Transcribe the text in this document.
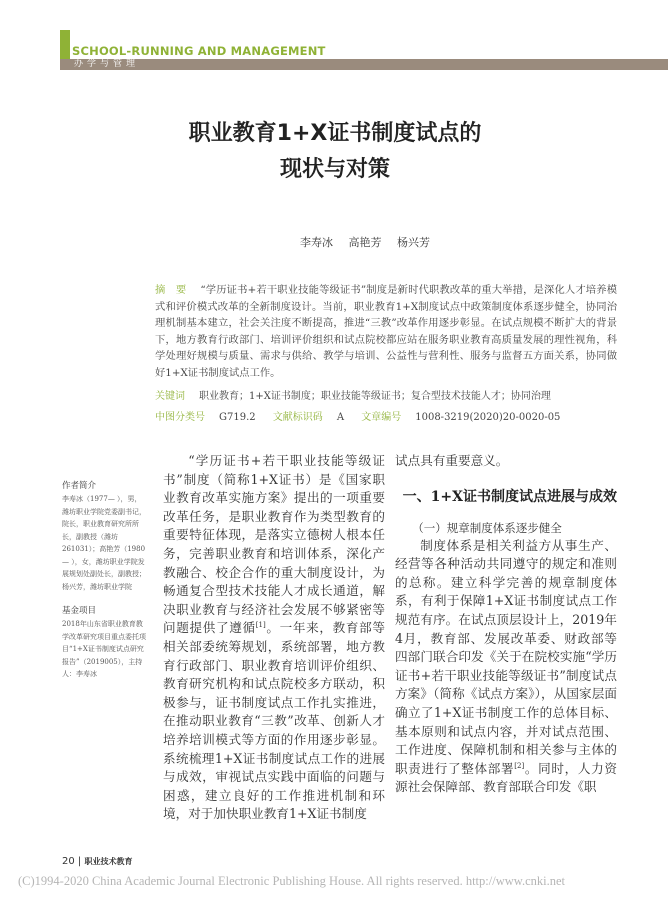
SCHOOL-RUNNING AND MANAGEMENT
办学与管理
职业教育1+X证书制度试点的
现状与对策
李寿冰 高艳芳 杨兴芳
摘　要 “学历证书+若干职业技能等级证书”制度是新时代职教改革的重大举措，是深化人才培养模式和评价模式改革的全新制度设计。当前，职业教育1+X制度试点中政策制度体系逐步健全，协同治理机制基本建立，社会关注度不断提高，推进“三教”改革作用逐步彰显。在试点规模不断扩大的背景下，地方教育行政部门、培训评价组织和试点院校都应站在服务职业教育高质量发展的理性视角，科学处理好规模与质量、需求与供给、教学与培训、公益性与营利性、服务与监督五方面关系，协同做好1+X证书制度试点工作。
关键词 职业教育；1+X证书制度；职业技能等级证书；复合型技术技能人才；协同治理
中图分类号 G719.2 文献标识码 A 文章编号 1008-3219(2020)20-0020-05
作者简介
李寿冰（1977— ），男，潍坊职业学院党委副书记，院长，职业教育研究所所长，副教授（潍坊 261031）；高艳芳（1980— ），女，潍坊职业学院发展规划处副处长，副教授；杨兴芳，潍坊职业学院
基金项目
2018年山东省职业教育教学改革研究项目重点委托项目“1+X证书制度试点研究报告”（2019005），主持人：李寿冰

“学历证书+若干职业技能等级证书”制度（简称1+X证书）是《国家职业教育改革实施方案》提出的一项重要改革任务，是职业教育作为类型教育的重要特征体现，是落实立德树人根本任务，完善职业教育和培训体系，深化产教融合、校企合作的重大制度设计，为畅通复合型技术技能人才成长通道，解决职业教育与经济社会发展不够紧密等问题提供了遵循[1]。一年来，教育部等相关部委统筹规划，系统部署，地方教育行政部门、职业教育培训评价组织、教育研究机构和试点院校多方联动，积极参与，证书制度试点工作扎实推进，在推动职业教育“三教”改革、创新人才培养培训模式等方面的作用逐步彰显。系统梳理1+X证书制度试点工作的进展与成效，审视试点实践中面临的问题与困惑，建立良好的工作推进机制和环境，对于加快职业教育1+X证书制度

试点具有重要意义。

一、1+X证书制度试点进展与成效

（一）规章制度体系逐步健全

制度体系是相关利益方从事生产、经营等各种活动共同遵守的规定和准则的总称。建立科学完善的规章制度体系，有利于保障1+X证书制度试点工作规范有序。在试点顶层设计上，2019年4月，教育部、发展改革委、财政部等四部门联合印发《关于在院校实施“学历证书+若干职业技能等级证书”制度试点方案》（简称《试点方案》），从国家层面确立了1+X证书制度工作的总体目标、基本原则和试点内容，并对试点范围、工作进度、保障机制和相关参与主体的职责进行了整体部署[2]。同时，人力资源社会保障部、教育部联合印发《职

20 | 职业技术教育
(C)1994-2020 China Academic Journal Electronic Publishing House. All rights reserved. http://www.cnki.net
